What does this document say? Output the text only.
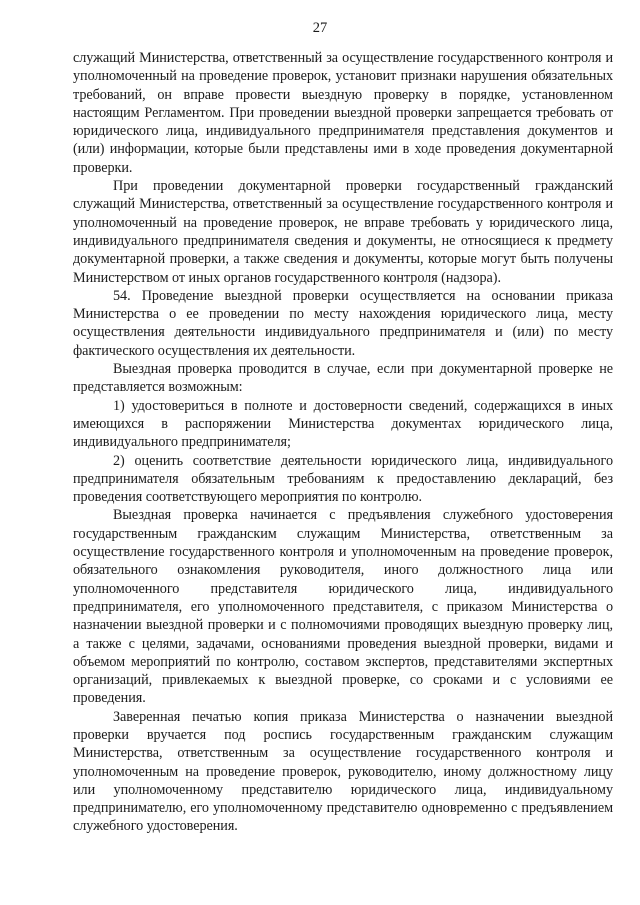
27

служащий Министерства, ответственный за осуществление государственного контроля и уполномоченный на проведение проверок, установит признаки нарушения обязательных требований, он вправе провести выездную проверку в порядке, установленном настоящим Регламентом. При проведении выездной проверки запрещается требовать от юридического лица, индивидуального предпринимателя представления документов и (или) информации, которые были представлены ими в ходе проведения документарной проверки.

При проведении документарной проверки государственный гражданский служащий Министерства, ответственный за осуществление государственного контроля и уполномоченный на проведение проверок, не вправе требовать у юридического лица, индивидуального предпринимателя сведения и документы, не относящиеся к предмету документарной проверки, а также сведения и документы, которые могут быть получены Министерством от иных органов государственного контроля (надзора).

54. Проведение выездной проверки осуществляется на основании приказа Министерства о ее проведении по месту нахождения юридического лица, месту осуществления деятельности индивидуального предпринимателя и (или) по месту фактического осуществления их деятельности.

Выездная проверка проводится в случае, если при документарной проверке не представляется возможным:

1) удостовериться в полноте и достоверности сведений, содержащихся в иных имеющихся в распоряжении Министерства документах юридического лица, индивидуального предпринимателя;

2) оценить соответствие деятельности юридического лица, индивидуального предпринимателя обязательным требованиям к предоставлению деклараций, без проведения соответствующего мероприятия по контролю.

Выездная проверка начинается с предъявления служебного удостоверения государственным гражданским служащим Министерства, ответственным за осуществление государственного контроля и уполномоченным на проведение проверок, обязательного ознакомления руководителя, иного должностного лица или уполномоченного представителя юридического лица, индивидуального предпринимателя, его уполномоченного представителя, с приказом Министерства о назначении выездной проверки и с полномочиями проводящих выездную проверку лиц, а также с целями, задачами, основаниями проведения выездной проверки, видами и объемом мероприятий по контролю, составом экспертов, представителями экспертных организаций, привлекаемых к выездной проверке, со сроками и с условиями ее проведения.

Заверенная печатью копия приказа Министерства о назначении выездной проверки вручается под роспись государственным гражданским служащим Министерства, ответственным за осуществление государственного контроля и уполномоченным на проведение проверок, руководителю, иному должностному лицу или уполномоченному представителю юридического лица, индивидуальному предпринимателю, его уполномоченному представителю одновременно с предъявлением служебного удостоверения.
